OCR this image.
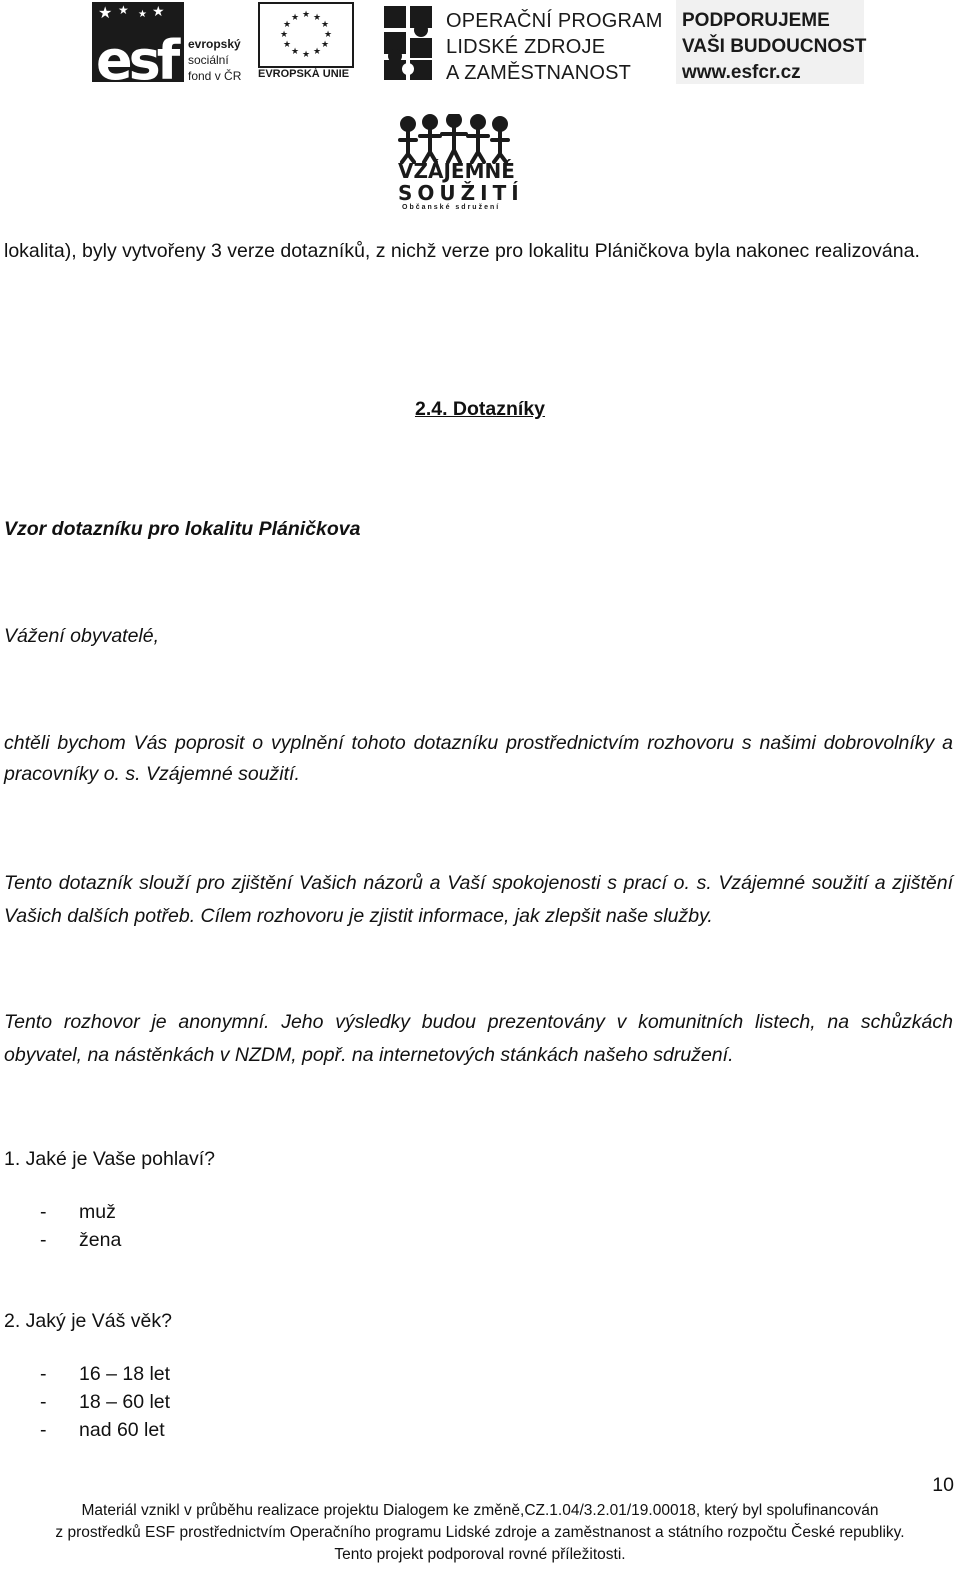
★ ★ ★ ★
esf evropský
sociální
fond v ČR
★ ★
★
★
★
★
★
★
★
★
★
★
EVROPSKÁ UNIE
OPERAČNÍ PROGRAM
LIDSKÉ ZDROJE
A ZAMĚSTNANOST
PODPORUJEME
VAŠI BUDOUCNOST
www.esfcr.cz
VZÁJEMNÉ
SOUŽITÍ
Občanské sdružení
lokalita), byly vytvořeny 3 verze dotazníků, z nichž verze pro lokalitu Pláničkova byla nakonec realizována.
2.4. Dotazníky
Vzor dotazníku pro lokalitu Pláničkova
Vážení obyvatelé,
chtěli bychom Vás poprosit o vyplnění tohoto dotazníku prostřednictvím rozhovoru s našimi dobrovolníky a pracovníky o. s. Vzájemné soužití.
Tento dotazník slouží pro zjištění Vašich názorů a Vaší spokojenosti s prací o. s. Vzájemné soužití a zjištění Vašich dalších potřeb. Cílem rozhovoru je zjistit informace, jak zlepšit naše služby.
Tento rozhovor je anonymní. Jeho výsledky budou prezentovány v komunitních listech, na schůzkách obyvatel, na nástěnkách v NZDM, popř. na internetových stánkách našeho sdružení.
1. Jaké je Vaše pohlaví?
- muž
- žena
2. Jaký je Váš věk?
- 16 – 18 let
- 18 – 60 let
- nad 60 let
10
Materiál vznikl v průběhu realizace projektu Dialogem ke změně,CZ.1.04/3.2.01/19.00018, který byl spolufinancován
z prostředků ESF prostřednictvím Operačního programu Lidské zdroje a zaměstnanost a státního rozpočtu České republiky.
Tento projekt podporoval rovné příležitosti.
